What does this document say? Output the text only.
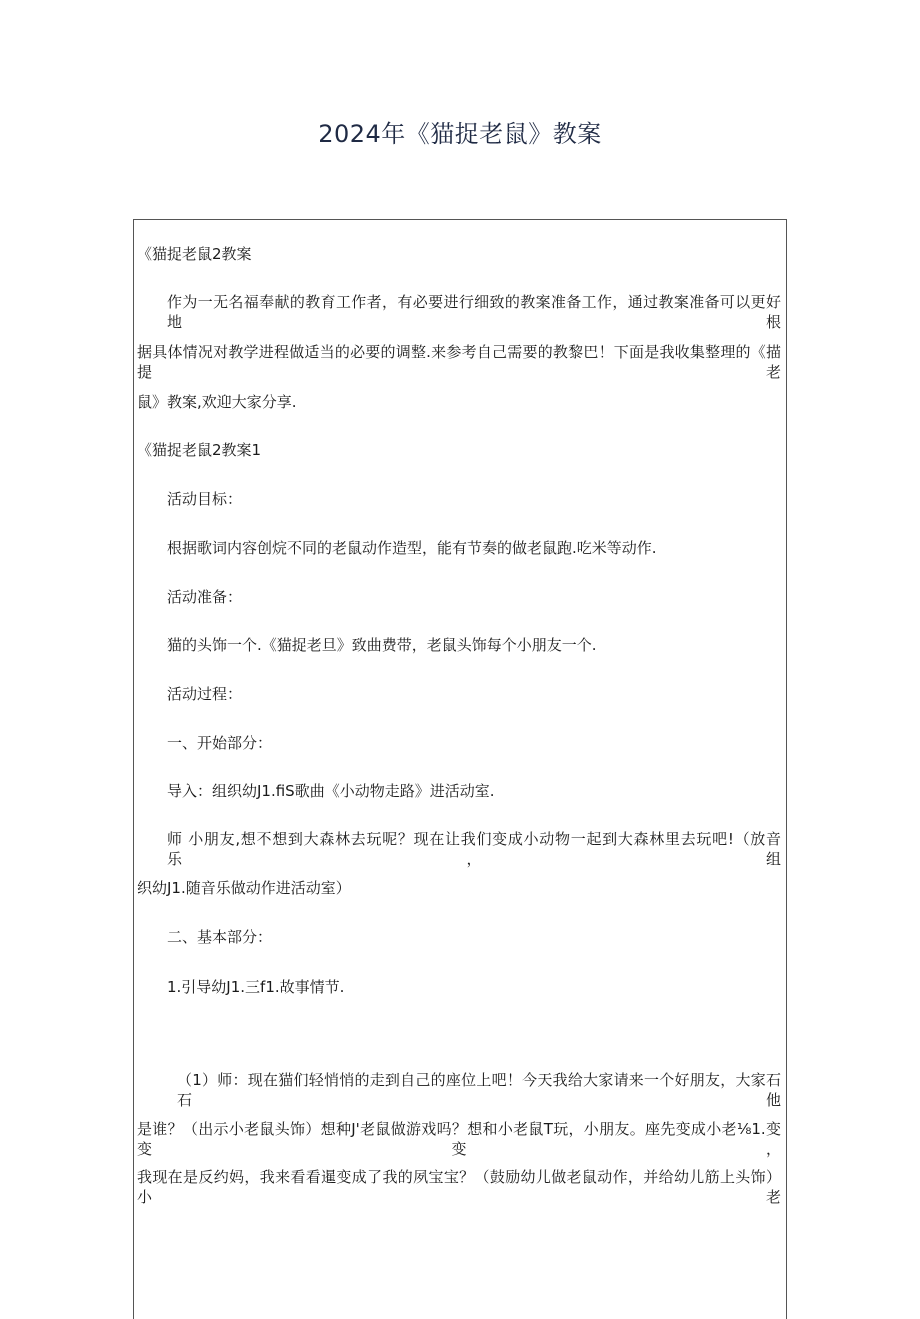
2024年《猫捉老鼠》教案
《猫捉老鼠2教案
作为一无名福奉献的教育工作者，有必要进行细致的教案准备工作，通过教案准备可以更好地根
据具体情况对教学进程做适当的必要的调整.来参考自己需要的教黎巴！下面是我收集整理的《描提老
鼠》教案,欢迎大家分享.
《猫捉老鼠2教案1
活动目标：
根据歌词内容创烷不同的老鼠动作造型，能有节奏的做老鼠跑.吃米等动作.
活动准备：
猫的头饰一个.《猫捉老旦》致曲费带，老鼠头饰每个小朋友一个.
活动过程：
一、开始部分：
导入：组织幼J1.fiS歌曲《小动物走路》进活动室.
师 小朋友,想不想到大森林去玩呢？现在让我们变成小动物一起到大森林里去玩吧!（放音乐，组
织幼J1.随音乐做动作进活动室）
二、基本部分：
1.引导幼J1.三f1.故事情节.
（1）师：现在猫们轻悄悄的走到自己的座位上吧！今天我给大家请来一个好朋友，大家石石他
是谁？（出示小老鼠头饰）想种J'老鼠做游戏吗？想和小老鼠T玩，小朋友。座先变成小老⅛1.变变变，
我现在是反约妈，我来看看暹变成了我的夙宝宝？（鼓励幼儿做老鼠动作，并给幼儿筋上头饰）小老
